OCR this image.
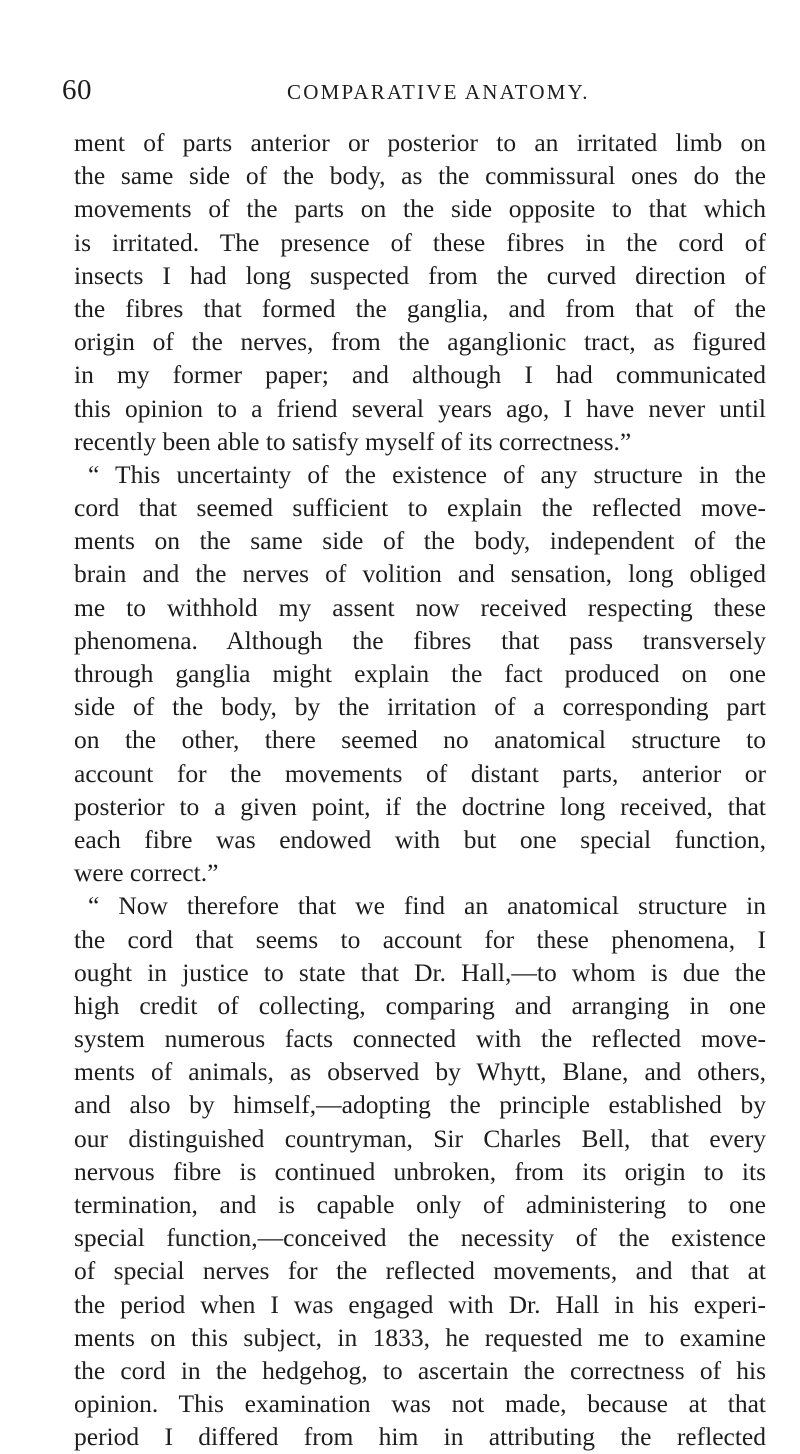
60	COMPARATIVE ANATOMY.
ment of parts anterior or posterior to an irritated limb on
the same side of the body, as the commissural ones do the
movements of the parts on the side opposite to that which
is irritated. The presence of these fibres in the cord of
insects I had long suspected from the curved direction of
the fibres that formed the ganglia, and from that of the
origin of the nerves, from the aganglionic tract, as figured
in my former paper; and although I had communicated
this opinion to a friend several years ago, I have never until
recently been able to satisfy myself of its correctness.”
“ This uncertainty of the existence of any structure in the
cord that seemed sufficient to explain the reflected move-
ments on the same side of the body, independent of the
brain and the nerves of volition and sensation, long obliged
me to withhold my assent now received respecting these
phenomena. Although the fibres that pass transversely
through ganglia might explain the fact produced on one
side of the body, by the irritation of a corresponding part
on the other, there seemed no anatomical structure to
account for the movements of distant parts, anterior or
posterior to a given point, if the doctrine long received, that
each fibre was endowed with but one special function,
were correct.”
“ Now therefore that we find an anatomical structure in
the cord that seems to account for these phenomena, I
ought in justice to state that Dr. Hall,—to whom is due the
high credit of collecting, comparing and arranging in one
system numerous facts connected with the reflected move-
ments of animals, as observed by Whytt, Blane, and others,
and also by himself,—adopting the principle established by
our distinguished countryman, Sir Charles Bell, that every
nervous fibre is continued unbroken, from its origin to its
termination, and is capable only of administering to one
special function,—conceived the necessity of the existence
of special nerves for the reflected movements, and that at
the period when I was engaged with Dr. Hall in his experi-
ments on this subject, in 1833, he requested me to examine
the cord in the hedgehog, to ascertain the correctness of his
opinion. This examination was not made, because at that
period I differed from him in attributing the reflected
